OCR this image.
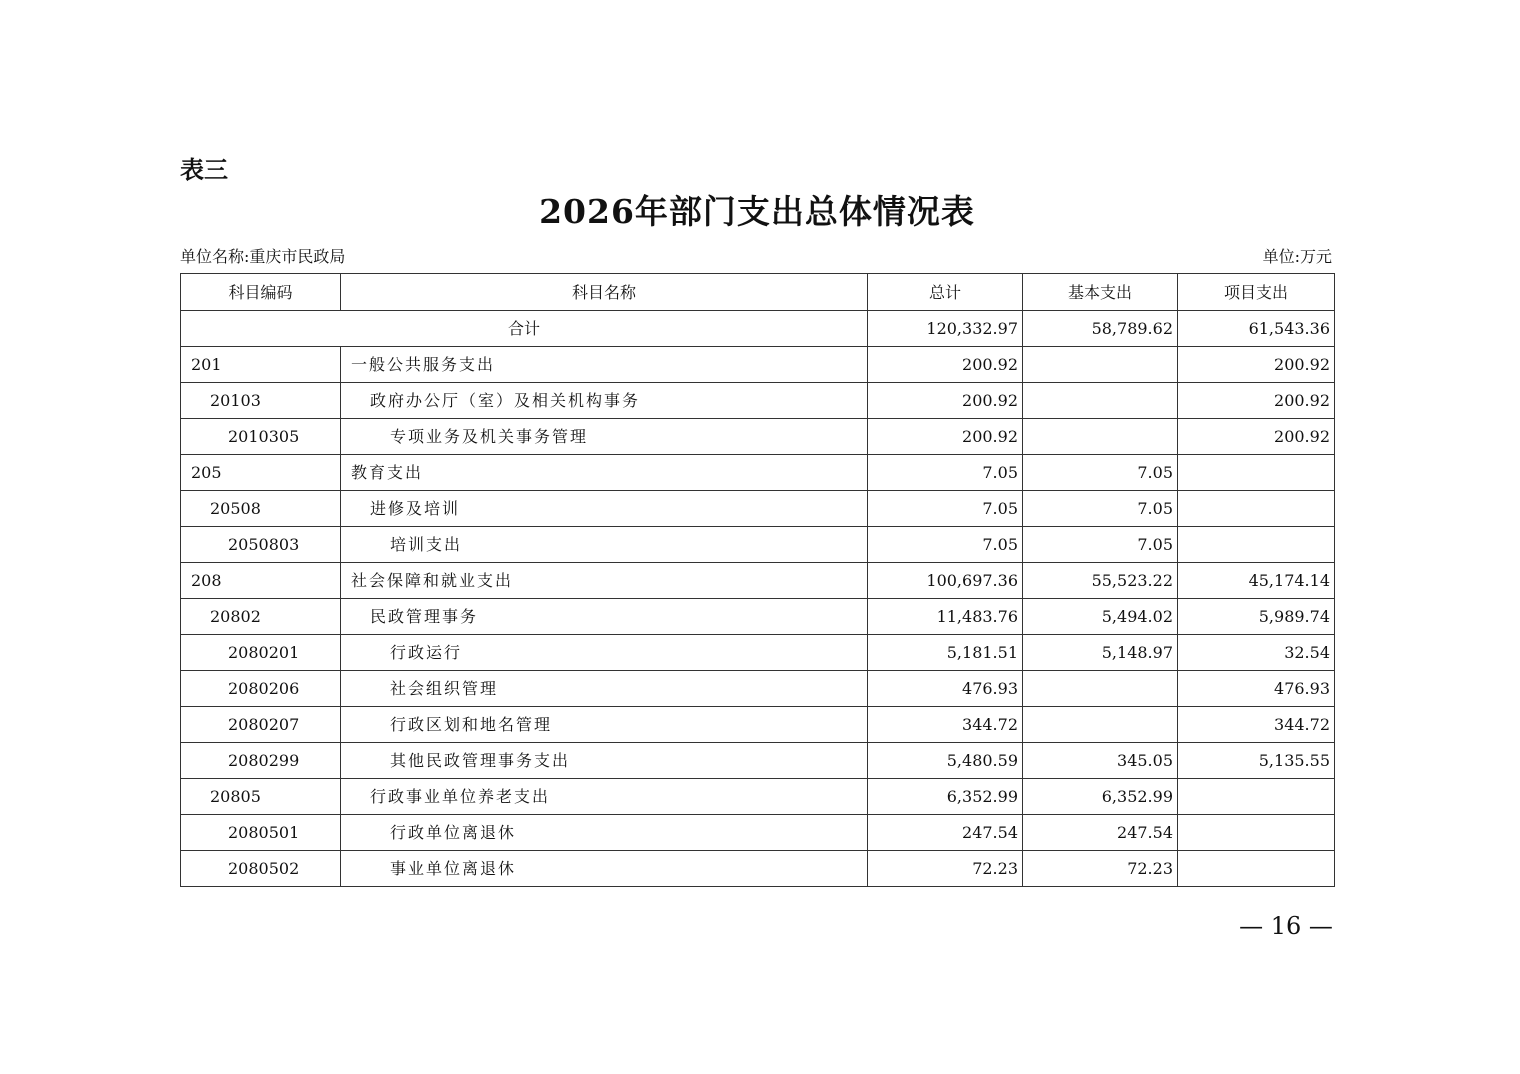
表三
2026年部门支出总体情况表
单位名称:重庆市民政局	单位:万元
科目编码	科目名称	总计	基本支出	项目支出
合计		120,332.97	58,789.62	61,543.36
201	一般公共服务支出	200.92		200.92
20103	政府办公厅（室）及相关机构事务	200.92		200.92
2010305	专项业务及机关事务管理	200.92		200.92
205	教育支出	7.05	7.05	
20508	进修及培训	7.05	7.05	
2050803	培训支出	7.05	7.05	
208	社会保障和就业支出	100,697.36	55,523.22	45,174.14
20802	民政管理事务	11,483.76	5,494.02	5,989.74
2080201	行政运行	5,181.51	5,148.97	32.54
2080206	社会组织管理	476.93		476.93
2080207	行政区划和地名管理	344.72		344.72
2080299	其他民政管理事务支出	5,480.59	345.05	5,135.55
20805	行政事业单位养老支出	6,352.99	6,352.99	
2080501	行政单位离退休	247.54	247.54	
2080502	事业单位离退休	72.23	72.23	
— 16 —
